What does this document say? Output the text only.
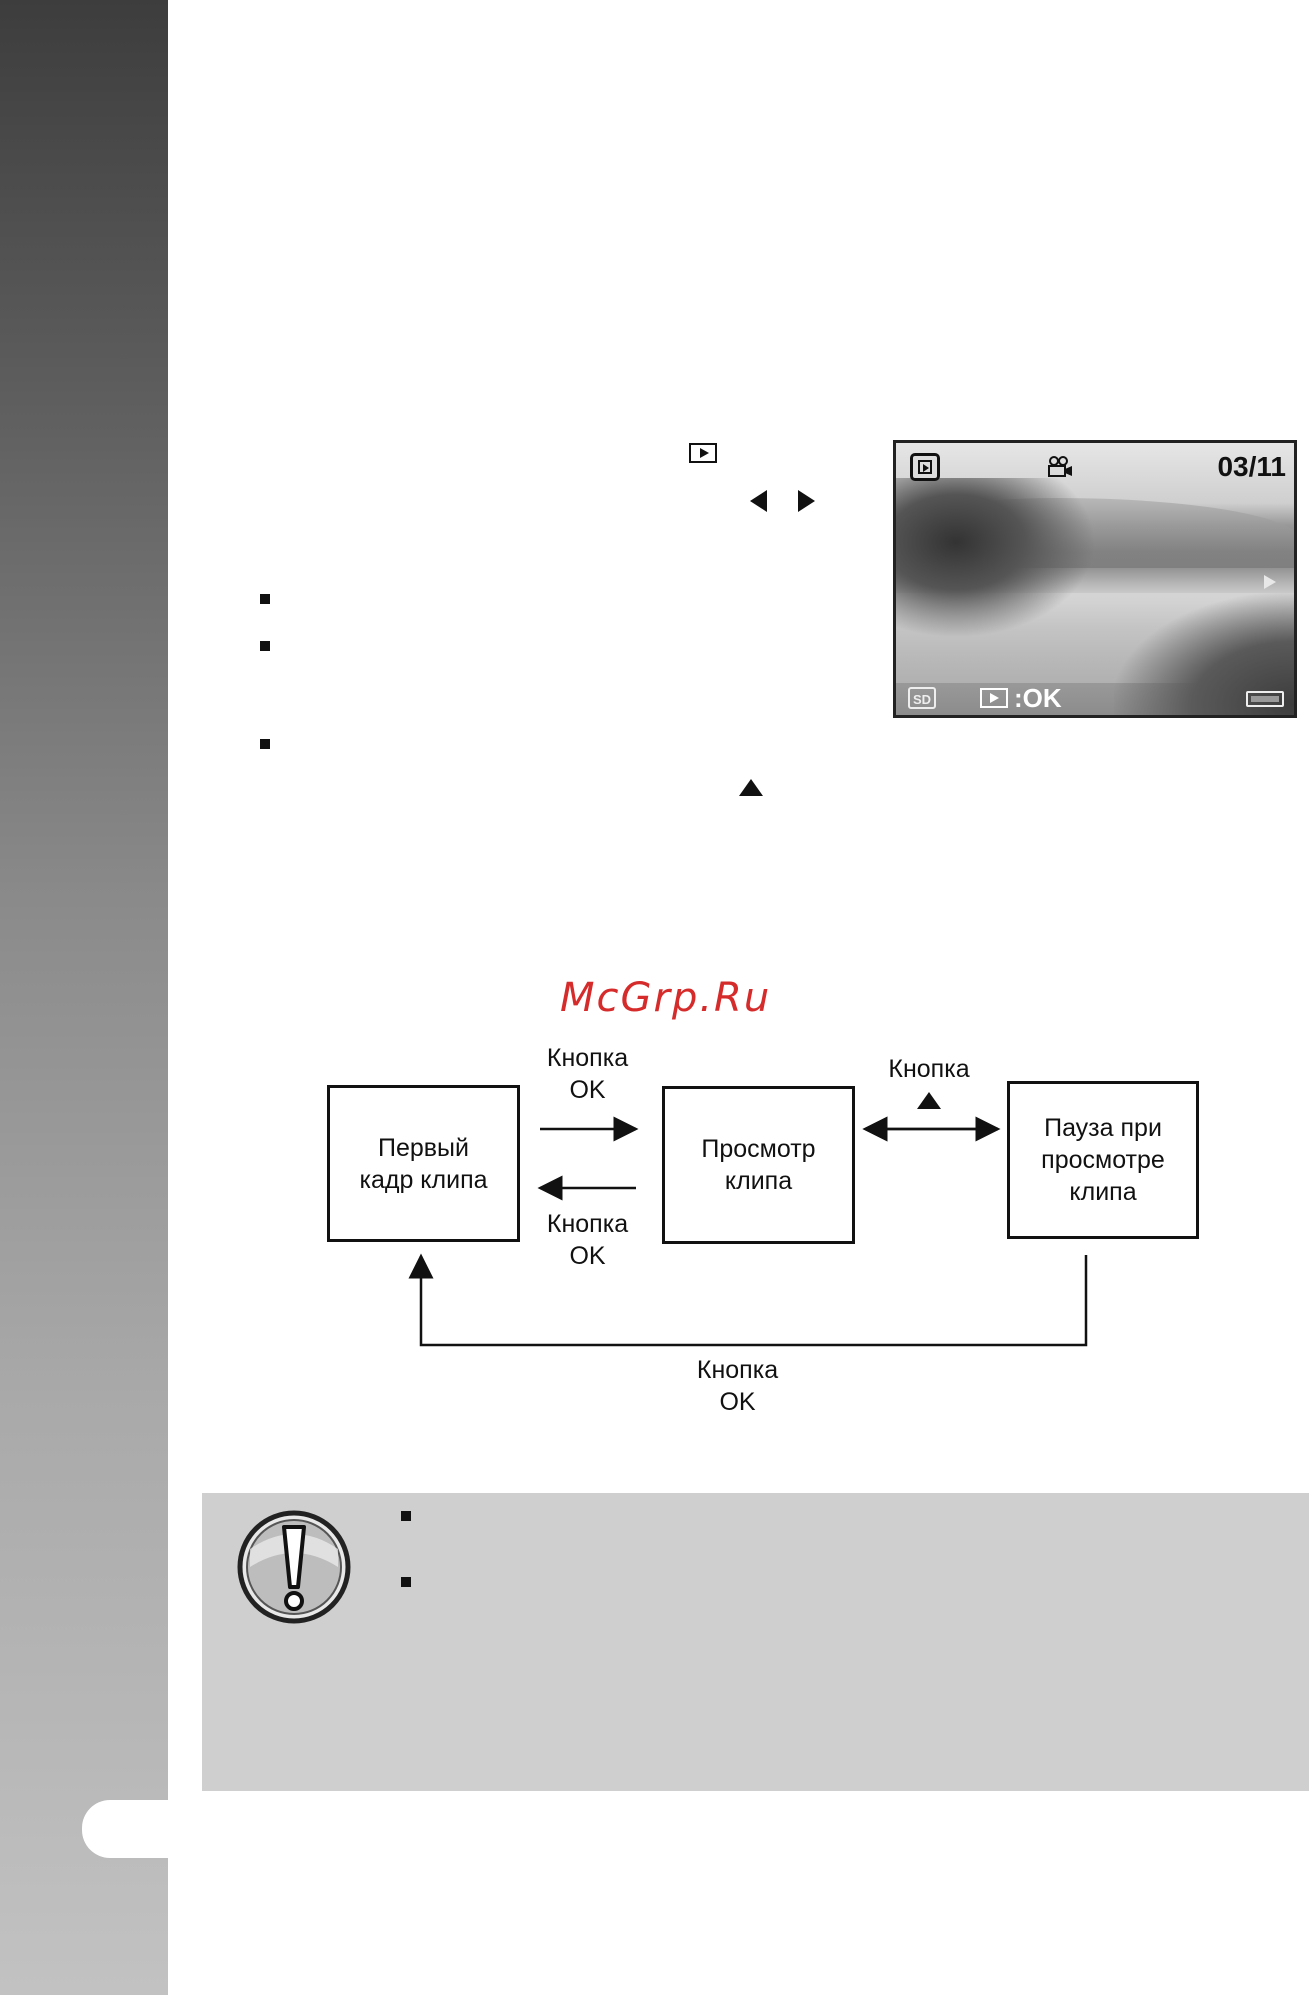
03/11
SD	:OK
McGrp.Ru
Первый
кадр клипа
Просмотр
клипа
Пауза при
просмотре
клипа
Кнопка
OK
Кнопка
OK
Кнопка
Кнопка
OK
